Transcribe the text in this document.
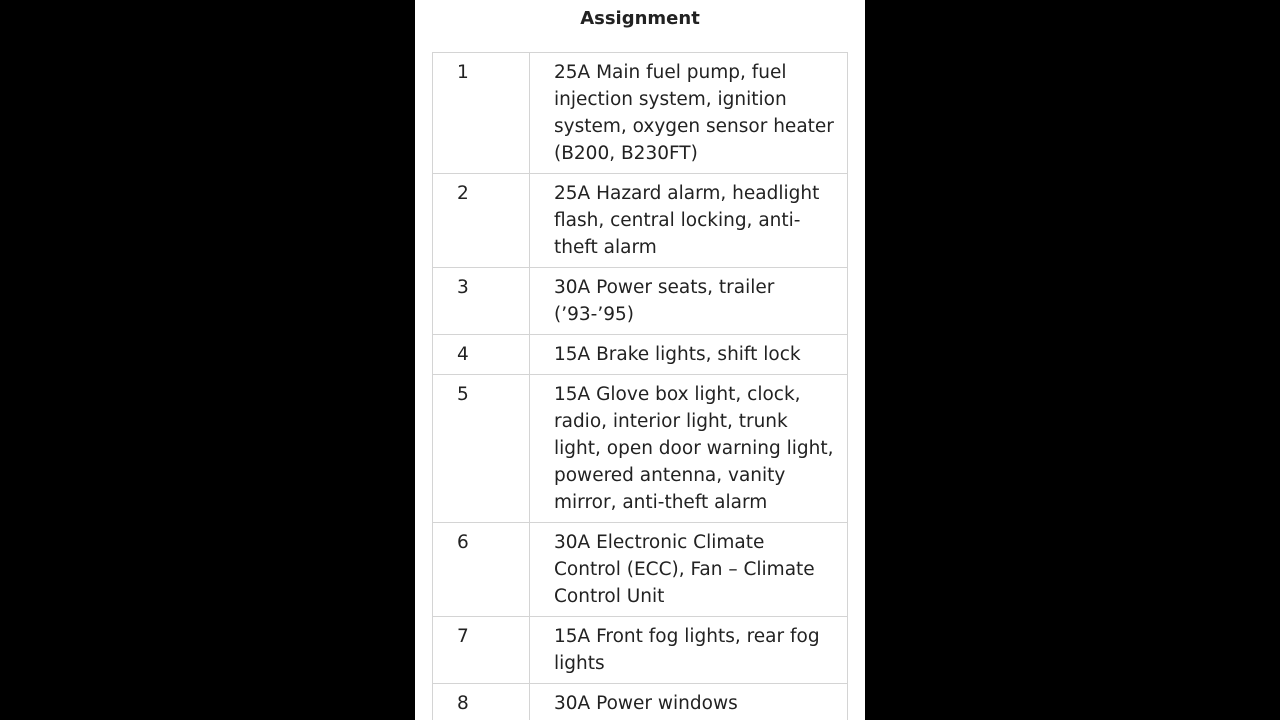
Assignment
1	25A Main fuel pump, fuel injection system, ignition system, oxygen sensor heater (B200, B230FT)
2	25A Hazard alarm, headlight flash, central locking, anti-theft alarm
3	30A Power seats, trailer (’93-’95)
4	15A Brake lights, shift lock
5	15A Glove box light, clock, radio, interior light, trunk light, open door warning light, powered antenna, vanity mirror, anti-theft alarm
6	30A Electronic Climate Control (ECC), Fan – Climate Control Unit
7	15A Front fog lights, rear fog lights
8	30A Power windows
